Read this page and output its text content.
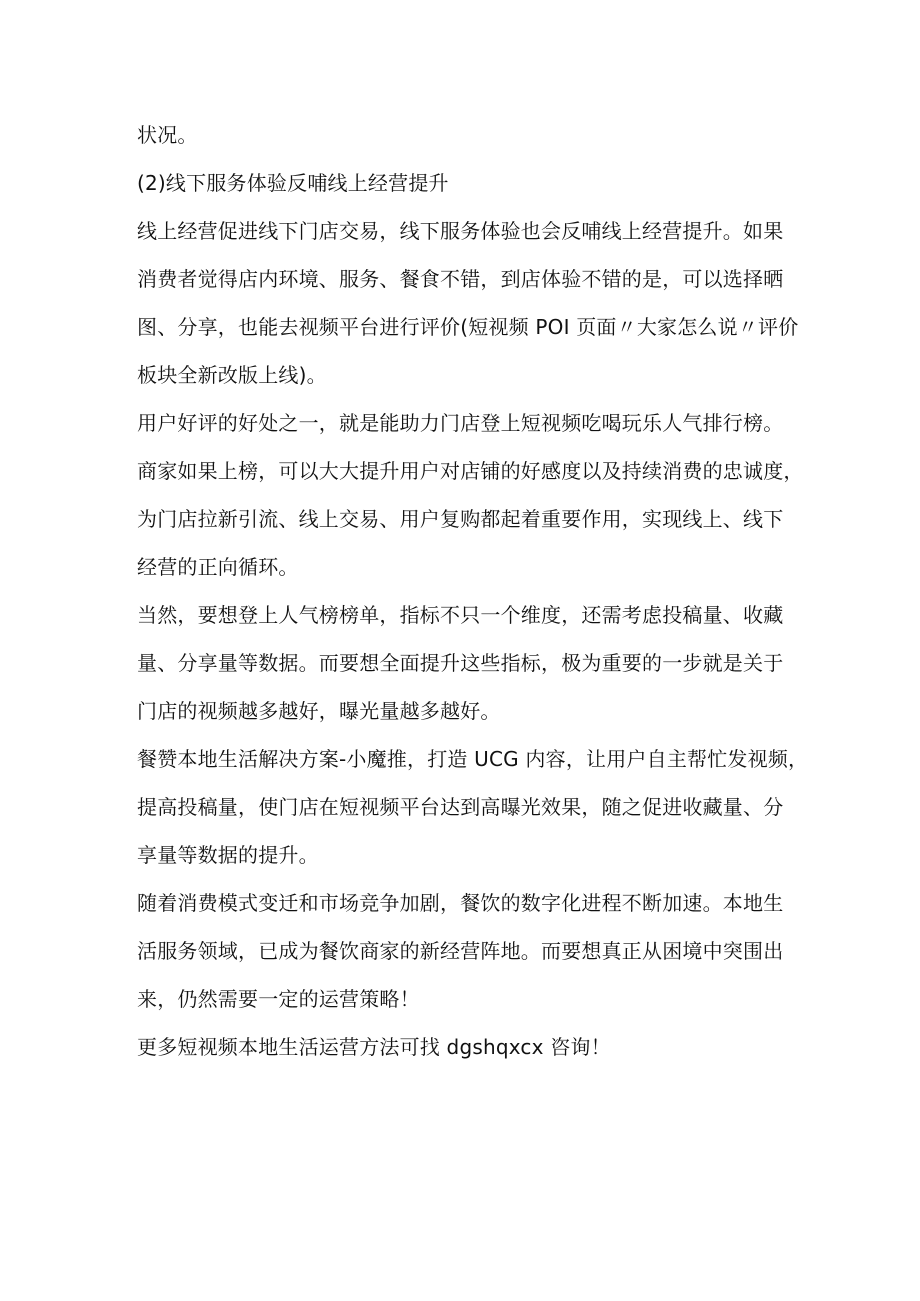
状况。

(2)线下服务体验反哺线上经营提升

线上经营促进线下门店交易，线下服务体验也会反哺线上经营提升。如果

消费者觉得店内环境、服务、餐食不错，到店体验不错的是，可以选择晒

图、分享，也能去视频平台进行评价(短视频 POI 页面〃大家怎么说〃评价

板块全新改版上线)。

用户好评的好处之一，就是能助力门店登上短视频吃喝玩乐人气排行榜。

商家如果上榜，可以大大提升用户对店铺的好感度以及持续消费的忠诚度，

为门店拉新引流、线上交易、用户复购都起着重要作用，实现线上、线下

经营的正向循环。

当然，要想登上人气榜榜单，指标不只一个维度，还需考虑投稿量、收藏

量、分享量等数据。而要想全面提升这些指标，极为重要的一步就是关于

门店的视频越多越好，曝光量越多越好。

餐赞本地生活解决方案-小魔推，打造 UCG 内容，让用户自主帮忙发视频，

提高投稿量，使门店在短视频平台达到高曝光效果，随之促进收藏量、分

享量等数据的提升。

随着消费模式变迁和市场竞争加剧，餐饮的数字化进程不断加速。本地生

活服务领域，已成为餐饮商家的新经营阵地。而要想真正从困境中突围出

来，仍然需要一定的运营策略！

更多短视频本地生活运营方法可找 dgshqxcx 咨询！
